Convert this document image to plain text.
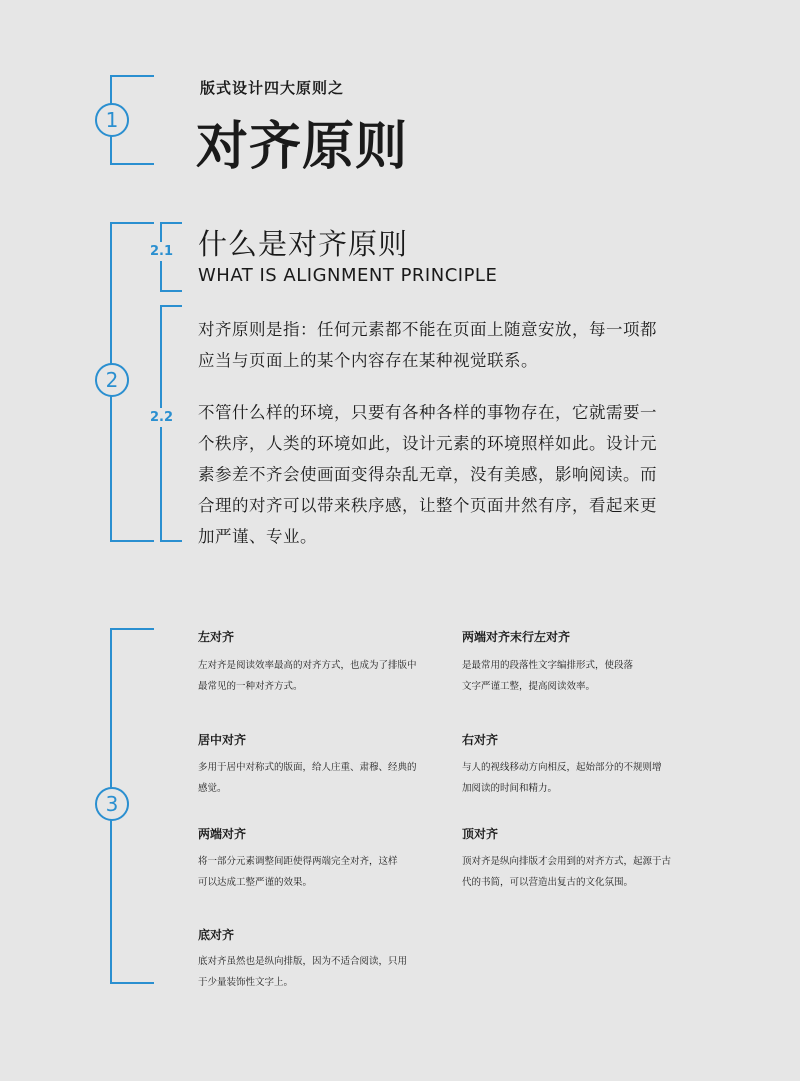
1
版式设计四大原则之
对齐原则
2
2.1
2.2
什么是对齐原则
WHAT IS ALIGNMENT PRINCIPLE
对齐原则是指：任何元素都不能在页面上随意安放，每一项都应当与页面上的某个内容存在某种视觉联系。
不管什么样的环境，只要有各种各样的事物存在，它就需要一个秩序，人类的环境如此，设计元素的环境照样如此。设计元素参差不齐会使画面变得杂乱无章，没有美感，影响阅读。而合理的对齐可以带来秩序感，让整个页面井然有序，看起来更加严谨、专业。
3
左对齐
左对齐是阅读效率最高的对齐方式，也成为了排版中最常见的一种对齐方式。
两端对齐末行左对齐
是最常用的段落性文字编排形式，使段落文字严谨工整，提高阅读效率。
居中对齐
多用于居中对称式的版面，给人庄重、肃穆、经典的感觉。
右对齐
与人的视线移动方向相反，起始部分的不规则增加阅读的时间和精力。
两端对齐
将一部分元素调整间距使得两端完全对齐，这样可以达成工整严谨的效果。
顶对齐
顶对齐是纵向排版才会用到的对齐方式，起源于古代的书简，可以营造出复古的文化氛围。
底对齐
底对齐虽然也是纵向排版，因为不适合阅读，只用于少量装饰性文字上。
